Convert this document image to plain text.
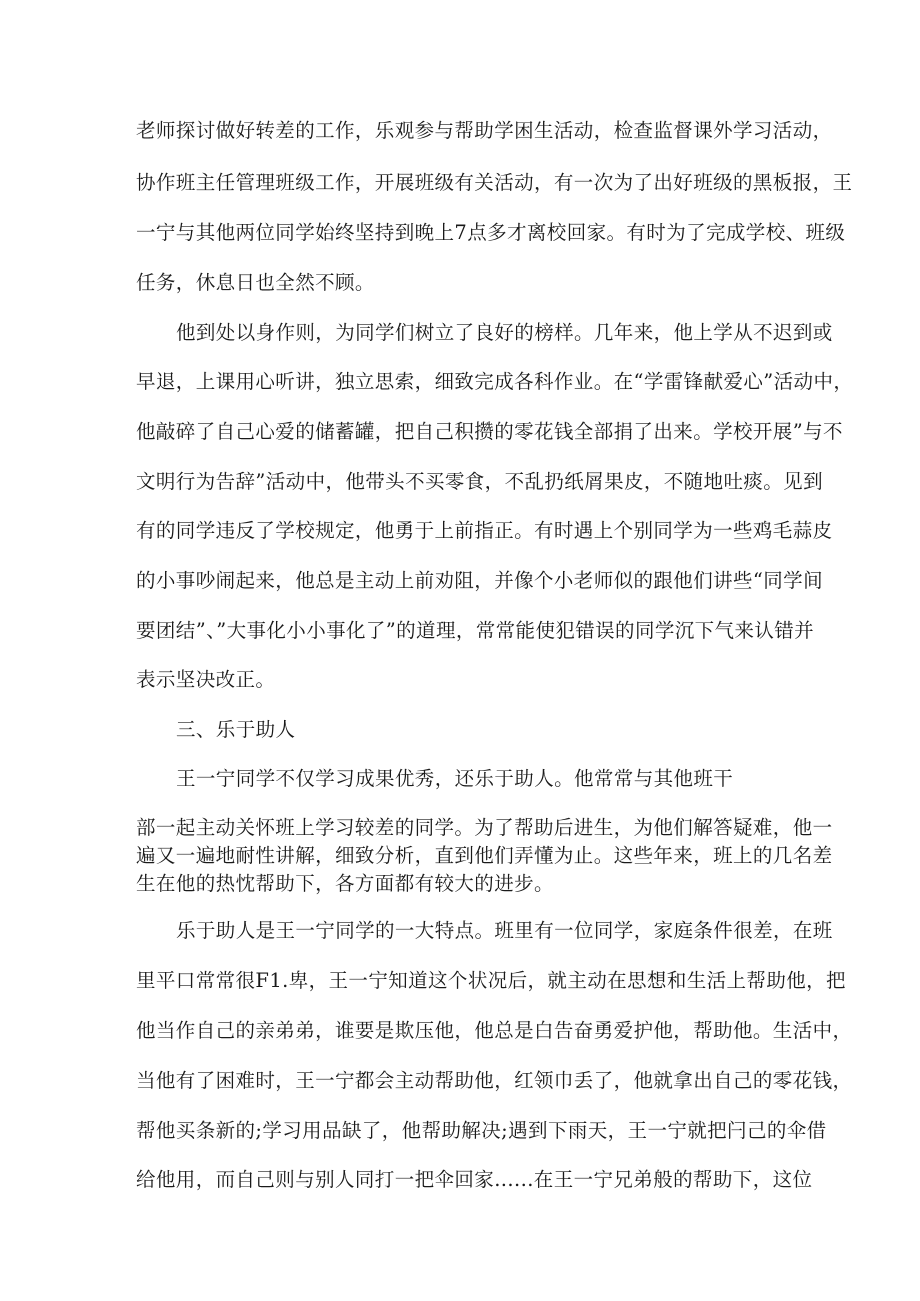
老师探讨做好转差的工作，乐观参与帮助学困生活动，检查监督课外学习活动，
协作班主任管理班级工作，开展班级有关活动，有一次为了出好班级的黑板报，王
一宁与其他两位同学始终坚持到晚上7点多才离校回家。有时为了完成学校、班级
任务，休息日也全然不顾。
他到处以身作则，为同学们树立了良好的榜样。几年来，他上学从不迟到或
早退，上课用心听讲，独立思索，细致完成各科作业。在“学雷锋献爱心”活动中，
他敲碎了自己心爱的储蓄罐，把自己积攒的零花钱全部捐了出来。学校开展”与不
文明行为告辞”活动中，他带头不买零食，不乱扔纸屑果皮，不随地吐痰。见到
有的同学违反了学校规定，他勇于上前指正。有时遇上个别同学为一些鸡毛蒜皮
的小事吵闹起来，他总是主动上前劝阻，并像个小老师似的跟他们讲些“同学间
要团结”、”大事化小小事化了”的道理，常常能使犯错误的同学沉下气来认错并
表示坚决改正。
三、乐于助人
王一宁同学不仅学习成果优秀，还乐于助人。他常常与其他班干
部一起主动关怀班上学习较差的同学。为了帮助后进生，为他们解答疑难，他一
遍又一遍地耐性讲解，细致分析，直到他们弄懂为止。这些年来，班上的几名差
生在他的热忱帮助下，各方面都有较大的进步。
乐于助人是王一宁同学的一大特点。班里有一位同学，家庭条件很差，在班
里平口常常很F1.卑，王一宁知道这个状况后，就主动在思想和生活上帮助他，把
他当作自己的亲弟弟，谁要是欺压他，他总是白告奋勇爱护他，帮助他。生活中，
当他有了困难时，王一宁都会主动帮助他，红领巾丢了，他就拿出自己的零花钱，
帮他买条新的;学习用品缺了，他帮助解决;遇到下雨天，王一宁就把闩己的伞借
给他用，而自己则与别人同打一把伞回家......在王一宁兄弟般的帮助下，这位
